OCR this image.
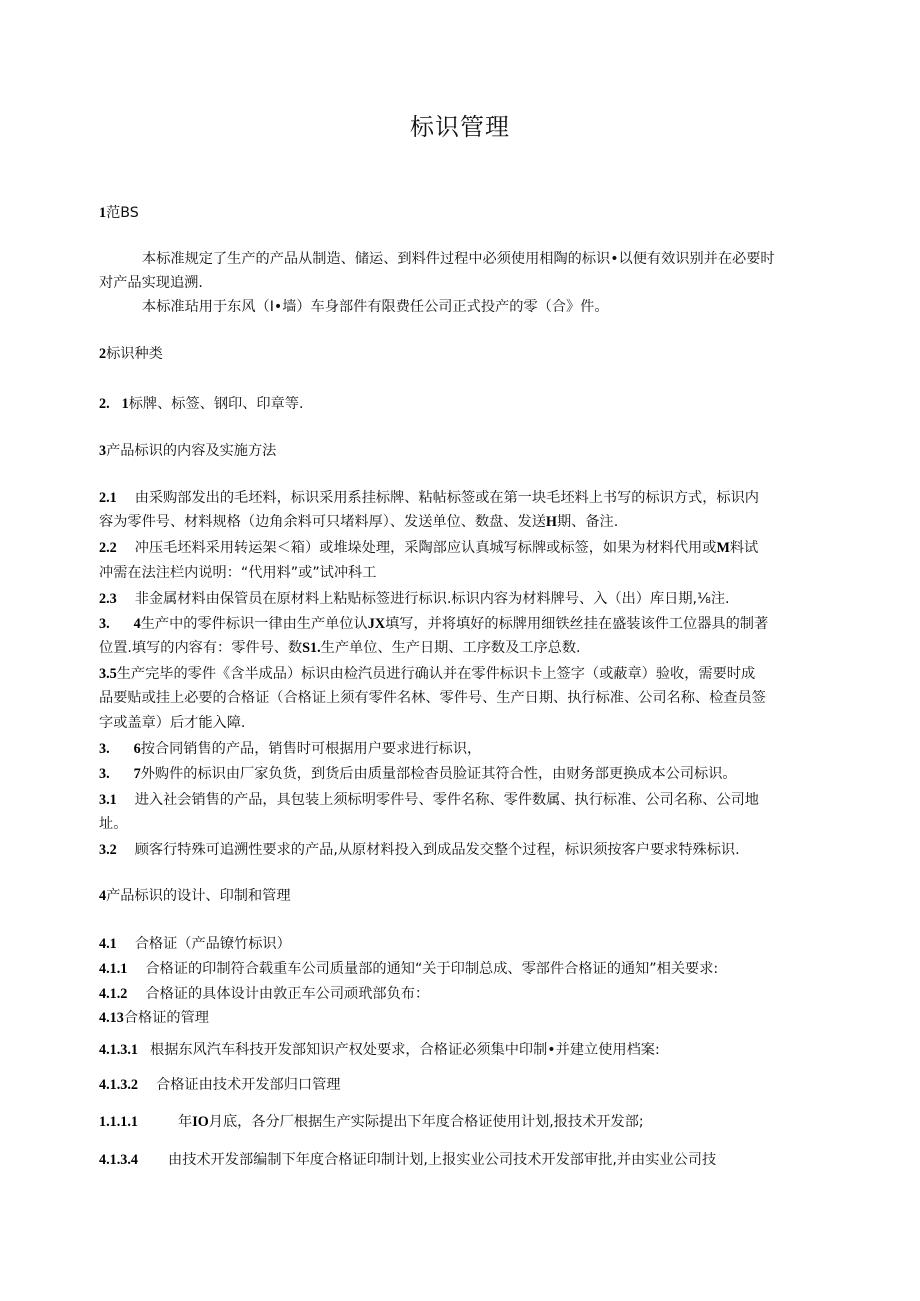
标识管理
1范BS
本标准规定了生产的产品从制造、储运、到料件过程中必须使用相陶的标识•以便有效识别并在必要时
对产品实现追溯.
本标准玷用于东风（I•墙）车身部件有限费任公司正式投产的零（合》件。
2标识种类
2. 1标牌、标签、钢印、印章等.
3产品标识的内容及实施方法
2.1 由采购部发出的毛坯料，标识采用系挂标牌、粘帖标签或在第一块毛坯料上书写的标识方式，标识内
容为零件号、材料规格（边角余料可只堵料厚）、发送单位、数盘、发送H期、备注.
2.2 冲压毛坯料采用转运架＜箱）或堆垛处理，采陶部应认真城写标牌或标签，如果为材料代用或M料试
冲需在法注栏内说明：“代用料”或”试冲科工
2.3 非金属材料由保管员在原材料上粘贴标签进行标识.标识内容为材料牌号、入（出）库日期,⅛注.
3. 4生产中的零件标识一律由生产单位认JX填写，并将填好的标牌用细铁丝挂在盛装该件工位器具的制著
位置.填写的内容有：零件号、数S1.生产单位、生产日期、工序数及工序总数.
3.5生产完毕的零件《含半成品）标识由检汽员进行确认并在零件标识卡上签字（或蔽章）验收，需要时成
品要贴或挂上必要的合格证（合格证上须有零件名林、零件号、生产日期、执行标准、公司名称、检查员签
字或盖章）后才能入障.
3. 6按合同销售的产品，销售时可根据用户要求进行标识，
3. 7外购件的标识由厂家负货，到货后由质量部检杳员脸证其符合性，由财务部更换成本公司标识。
3.1 进入社会销售的产品，具包装上须标明零件号、零件名称、零件数属、执行标准、公司名称、公司地
址。
3.2 顾客行特殊可追溯性要求的产品,从原材料投入到成品发交整个过程，标识须按客户要求特殊标识.
4产品标识的设计、印制和管理
4.1 合格证（产品镣竹标识）
4.1.1 合格证的印制符合载重车公司质量部的通知“关于印制总成、零部件合格证的通知”相关要求:
4.1.2 合格证的具体设计由敦正车公司顽玳部负布：
4.13合格证的管理
4.1.3.1 根据东风汽车科技开发部知识产权处要求，合格证必须集中印制•并建立使用档案:
4.1.3.2 合格证由技术开发部归口管理
1.1.1.1	年IO月底，各分厂根据生产实际提出下年度合格证使用计划,报技术开发部;
4.1.3.4 由技术开发部编制下年度合格证印制计划,上报实业公司技术开发部审批,并由实业公司技
